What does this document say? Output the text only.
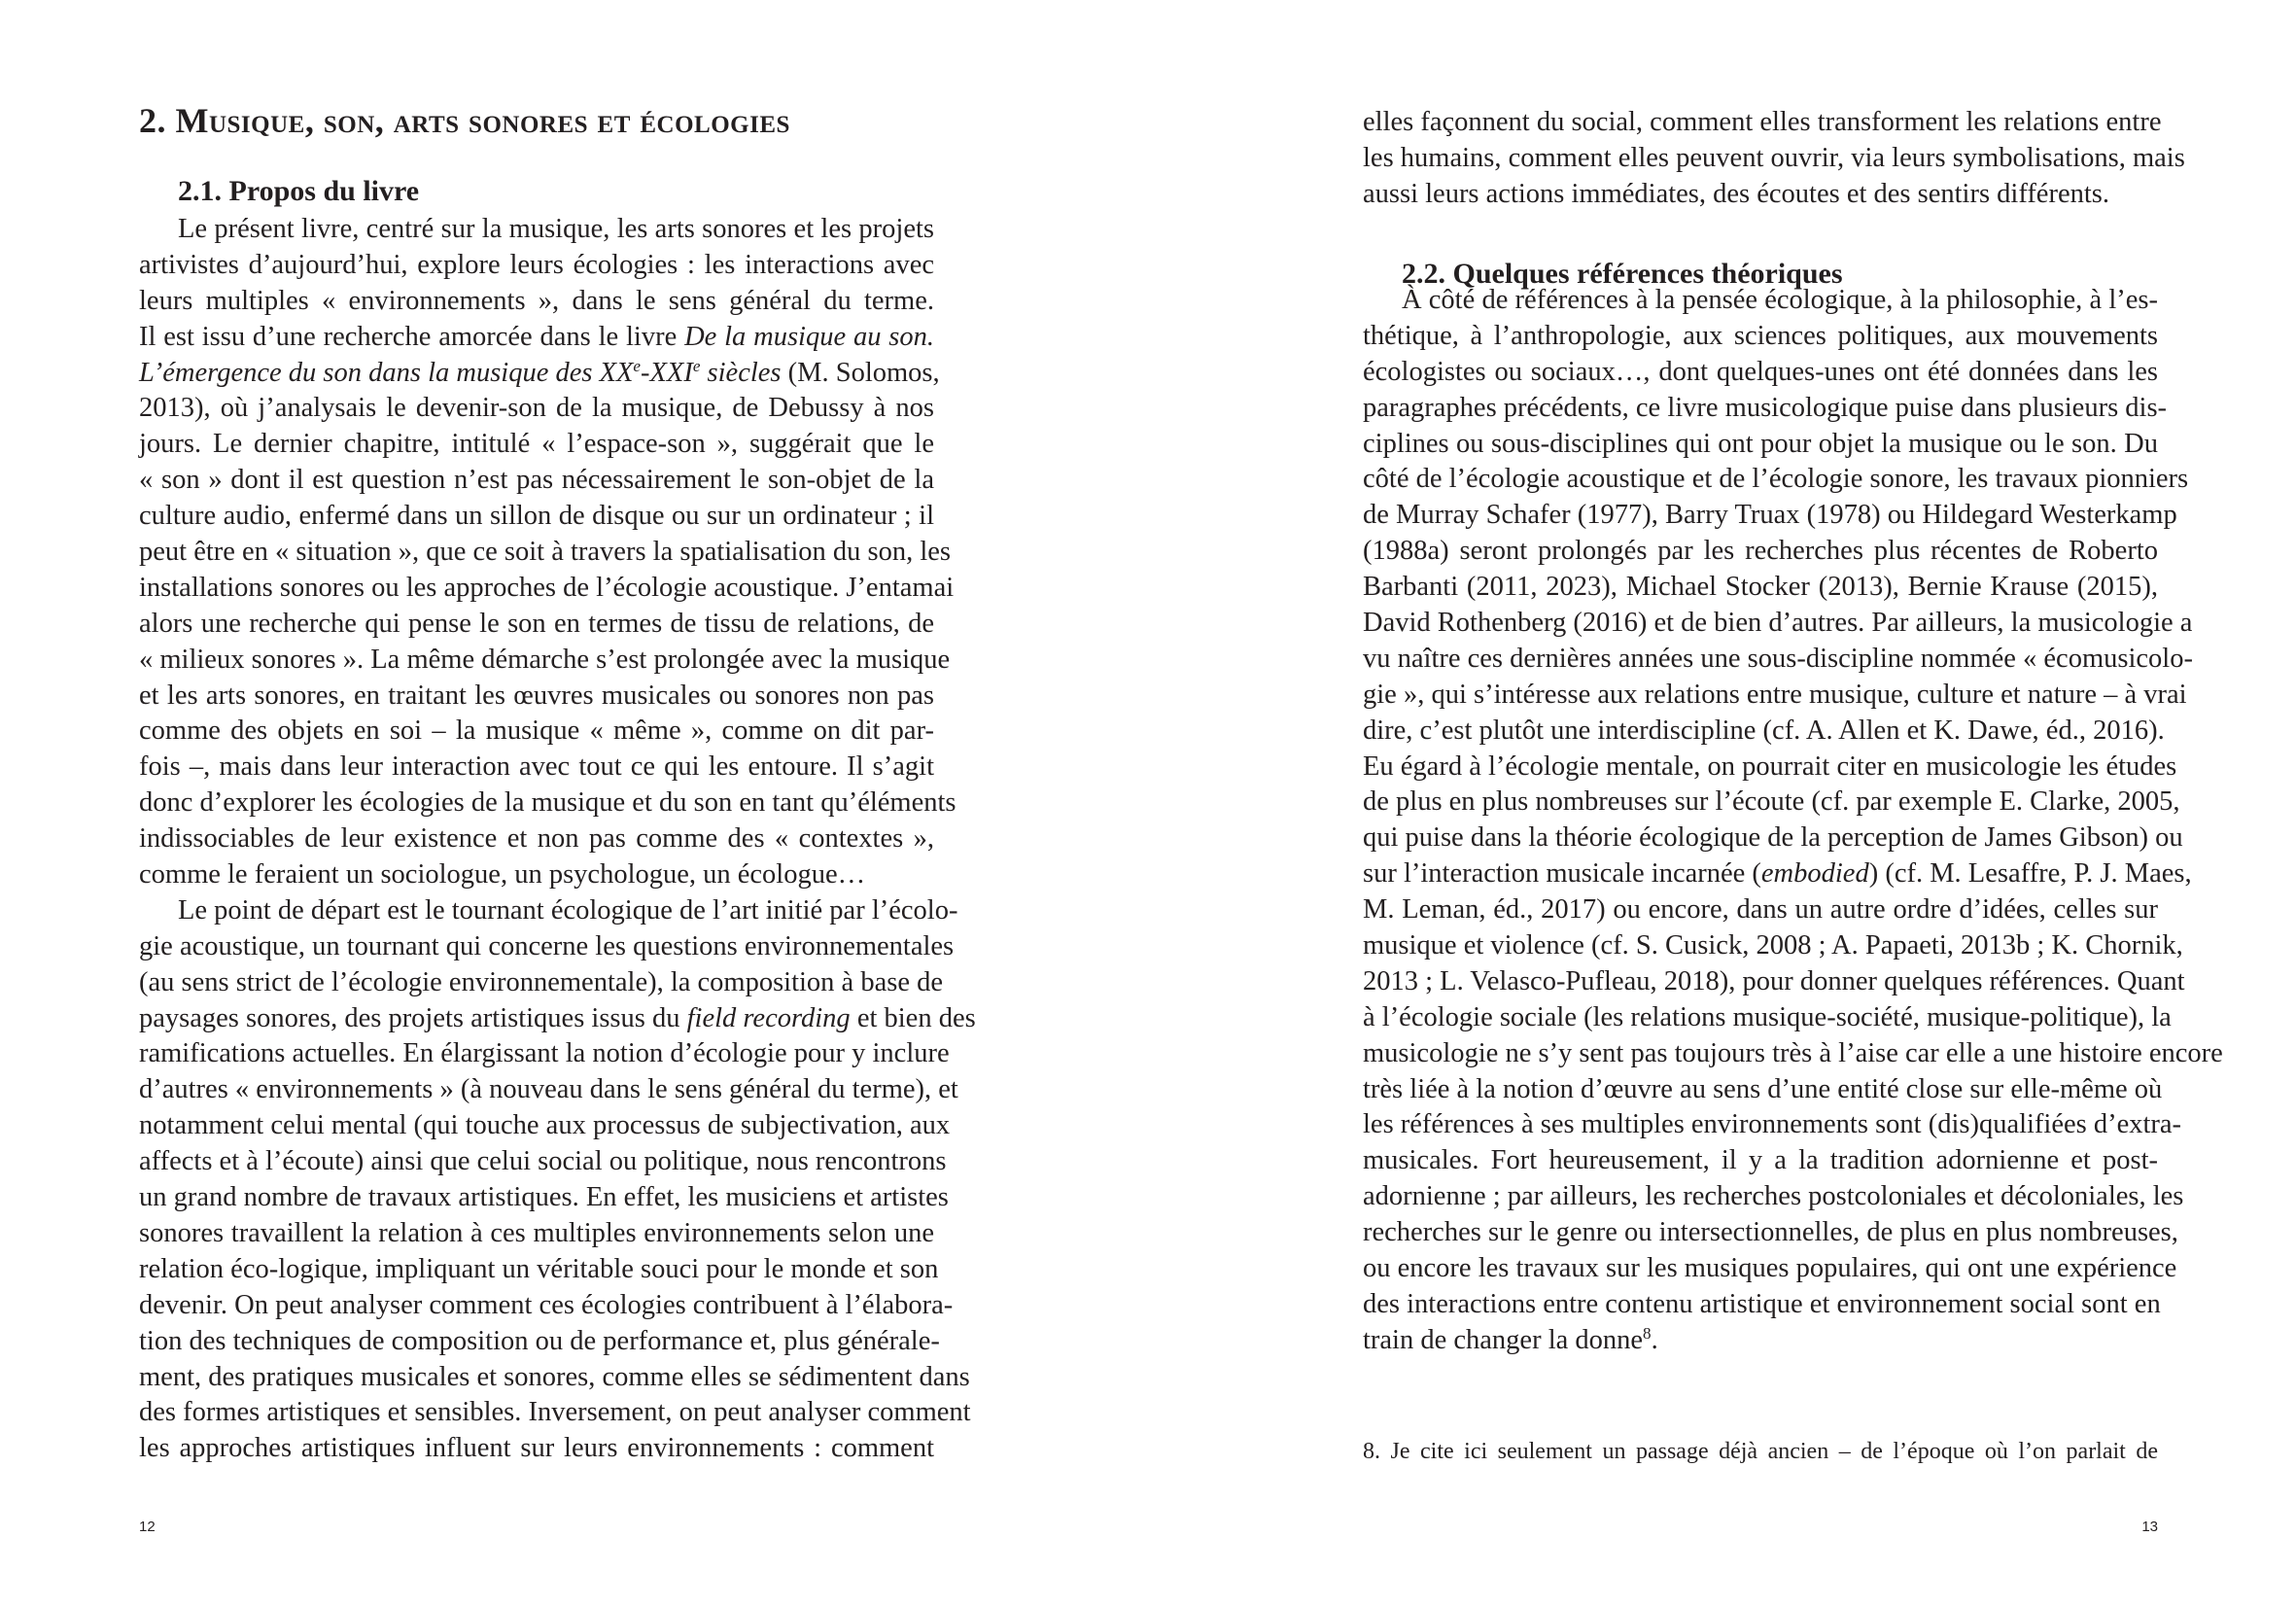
2. Musique, son, arts sonores et écologies
2.1. Propos du livre
Le présent livre, centré sur la musique, les arts sonores et les projets
artivistes d’aujourd’hui, explore leurs écologies : les interactions avec
leurs multiples « environnements », dans le sens général du terme.
Il est issu d’une recherche amorcée dans le livre De la musique au son.
L’émergence du son dans la musique des XXe-XXIe siècles (M. Solomos,
2013), où j’analysais le devenir-son de la musique, de Debussy à nos
jours. Le dernier chapitre, intitulé « l’espace-son », suggérait que le
« son » dont il est question n’est pas nécessairement le son-objet de la
culture audio, enfermé dans un sillon de disque ou sur un ordinateur ; il
peut être en « situation », que ce soit à travers la spatialisation du son, les
installations sonores ou les approches de l’écologie acoustique. J’entamai
alors une recherche qui pense le son en termes de tissu de relations, de
« milieux sonores ». La même démarche s’est prolongée avec la musique
et les arts sonores, en traitant les œuvres musicales ou sonores non pas
comme des objets en soi – la musique « même », comme on dit par-
fois –, mais dans leur interaction avec tout ce qui les entoure. Il s’agit
donc d’explorer les écologies de la musique et du son en tant qu’éléments
indissociables de leur existence et non pas comme des « contextes »,
comme le feraient un sociologue, un psychologue, un écologue…
Le point de départ est le tournant écologique de l’art initié par l’écolo-
gie acoustique, un tournant qui concerne les questions environnementales
(au sens strict de l’écologie environnementale), la composition à base de
paysages sonores, des projets artistiques issus du field recording et bien des
ramifications actuelles. En élargissant la notion d’écologie pour y inclure
d’autres « environnements » (à nouveau dans le sens général du terme), et
notamment celui mental (qui touche aux processus de subjectivation, aux
affects et à l’écoute) ainsi que celui social ou politique, nous rencontrons
un grand nombre de travaux artistiques. En effet, les musiciens et artistes
sonores travaillent la relation à ces multiples environnements selon une
relation éco-logique, impliquant un véritable souci pour le monde et son
devenir. On peut analyser comment ces écologies contribuent à l’élabora-
tion des techniques de composition ou de performance et, plus générale-
ment, des pratiques musicales et sonores, comme elles se sédimentent dans
des formes artistiques et sensibles. Inversement, on peut analyser comment
les approches artistiques influent sur leurs environnements : comment
12
elles façonnent du social, comment elles transforment les relations entre
les humains, comment elles peuvent ouvrir, via leurs symbolisations, mais
aussi leurs actions immédiates, des écoutes et des sentirs différents.
2.2. Quelques références théoriques
À côté de références à la pensée écologique, à la philosophie, à l’es-
thétique, à l’anthropologie, aux sciences politiques, aux mouvements
écologistes ou sociaux…, dont quelques-unes ont été données dans les
paragraphes précédents, ce livre musicologique puise dans plusieurs dis-
ciplines ou sous-disciplines qui ont pour objet la musique ou le son. Du
côté de l’écologie acoustique et de l’écologie sonore, les travaux pionniers
de Murray Schafer (1977), Barry Truax (1978) ou Hildegard Westerkamp
(1988a) seront prolongés par les recherches plus récentes de Roberto
Barbanti (2011, 2023), Michael Stocker (2013), Bernie Krause (2015),
David Rothenberg (2016) et de bien d’autres. Par ailleurs, la musicologie a
vu naître ces dernières années une sous-discipline nommée « écomusicolo-
gie », qui s’intéresse aux relations entre musique, culture et nature – à vrai
dire, c’est plutôt une interdiscipline (cf. A. Allen et K. Dawe, éd., 2016).
Eu égard à l’écologie mentale, on pourrait citer en musicologie les études
de plus en plus nombreuses sur l’écoute (cf. par exemple E. Clarke, 2005,
qui puise dans la théorie écologique de la perception de James Gibson) ou
sur l’interaction musicale incarnée (embodied) (cf. M. Lesaffre, P. J. Maes,
M. Leman, éd., 2017) ou encore, dans un autre ordre d’idées, celles sur
musique et violence (cf. S. Cusick, 2008 ; A. Papaeti, 2013b ; K. Chornik,
2013 ; L. Velasco-Pufleau, 2018), pour donner quelques références. Quant
à l’écologie sociale (les relations musique-société, musique-politique), la
musicologie ne s’y sent pas toujours très à l’aise car elle a une histoire encore
très liée à la notion d’œuvre au sens d’une entité close sur elle-même où
les références à ses multiples environnements sont (dis)qualifiées d’extra-
musicales. Fort heureusement, il y a la tradition adornienne et post-
adornienne ; par ailleurs, les recherches postcoloniales et décoloniales, les
recherches sur le genre ou intersectionnelles, de plus en plus nombreuses,
ou encore les travaux sur les musiques populaires, qui ont une expérience
des interactions entre contenu artistique et environnement social sont en
train de changer la donne$^8$.
8. Je cite ici seulement un passage déjà ancien – de l’époque où l’on parlait de
13
